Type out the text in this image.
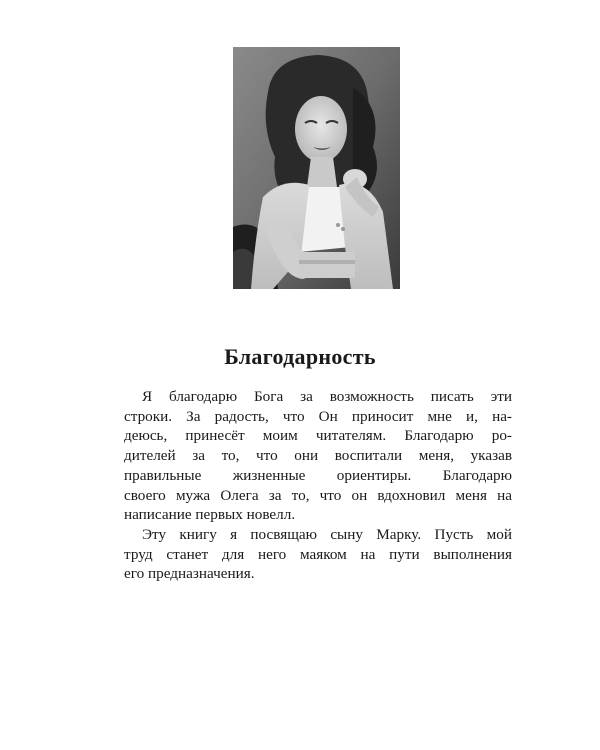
Благодарность

Я благодарю Бога за возможность писать эти
строки. За радость, что Он приносит мне и, на-
деюсь, принесёт моим читателям. Благодарю ро-
дителей за то, что они воспитали меня, указав
правильные жизненные ориентиры. Благодарю
своего мужа Олега за то, что он вдохновил меня на
написание первых новелл.

Эту книгу я посвящаю сыну Марку. Пусть мой
труд станет для него маяком на пути выполнения
его предназначения.
